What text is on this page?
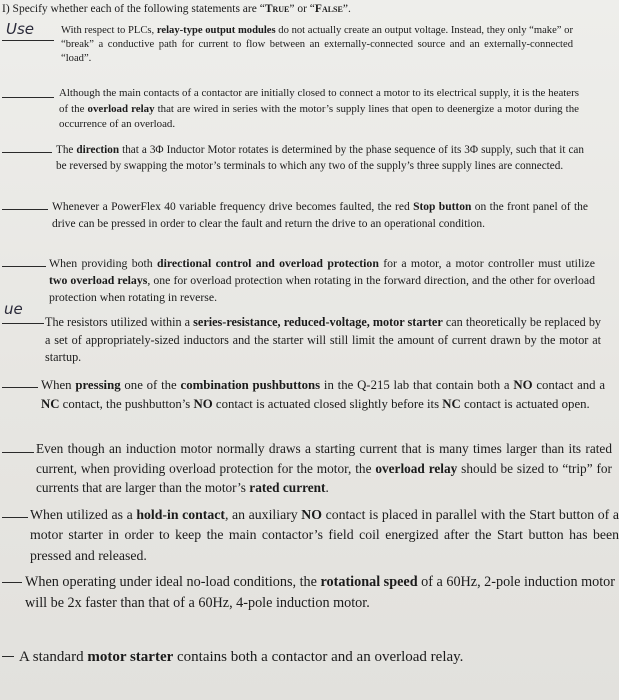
I) Specify whether each of the following statements are “True” or “False”.
Use
ue
With respect to PLCs, relay-type output modules do not actually create an output voltage. Instead, they only “make” or “break” a conductive path for current to flow between an externally-connected source and an externally-connected “load”.
Although the main contacts of a contactor are initially closed to connect a motor to its electrical supply, it is the heaters of the overload relay that are wired in series with the motor’s supply lines that open to deenergize a motor during the occurrence of an overload.
The direction that a 3Φ Inductor Motor rotates is determined by the phase sequence of its 3Φ supply, such that it can be reversed by swapping the motor’s terminals to which any two of the supply’s three supply lines are connected.
Whenever a PowerFlex 40 variable frequency drive becomes faulted, the red Stop button on the front panel of the drive can be pressed in order to clear the fault and return the drive to an operational condition.
When providing both directional control and overload protection for a motor, a motor controller must utilize two overload relays, one for overload protection when rotating in the forward direction, and the other for overload protection when rotating in reverse.
The resistors utilized within a series-resistance, reduced-voltage, motor starter can theoretically be replaced by a set of appropriately-sized inductors and the starter will still limit the amount of current drawn by the motor at startup.
When pressing one of the combination pushbuttons in the Q-215 lab that contain both a NO contact and a NC contact, the pushbutton’s NO contact is actuated closed slightly before its NC contact is actuated open.
Even though an induction motor normally draws a starting current that is many times larger than its rated current, when providing overload protection for the motor, the overload relay should be sized to “trip” for currents that are larger than the motor’s rated current.
When utilized as a hold-in contact, an auxiliary NO contact is placed in parallel with the Start button of a motor starter in order to keep the main contactor’s field coil energized after the Start button has been pressed and released.
When operating under ideal no-load conditions, the rotational speed of a 60Hz, 2-pole induction motor will be 2x faster than that of a 60Hz, 4-pole induction motor.
A standard motor starter contains both a contactor and an overload relay.
